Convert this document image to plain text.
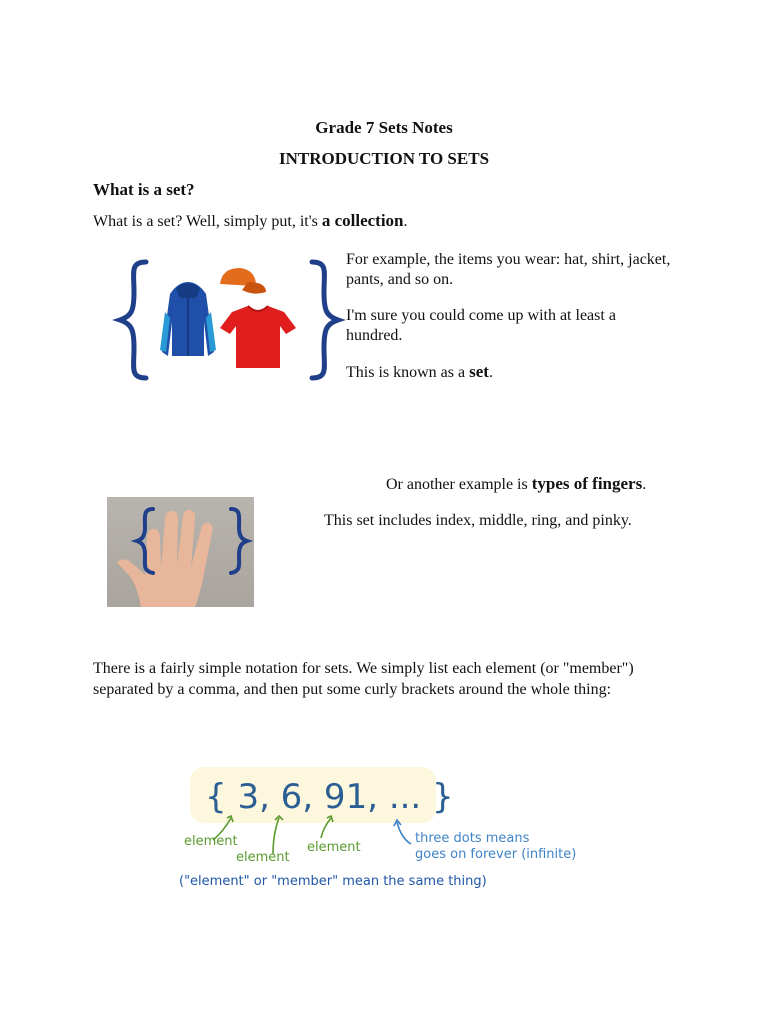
Grade 7 Sets Notes
INTRODUCTION TO SETS
What is a set?
What is a set? Well, simply put, it's a collection.
For example, the items you wear: hat, shirt, jacket, pants, and so on.
I'm sure you could come up with at least a hundred.
This is known as a set.
Or another example is types of fingers.
This set includes index, middle, ring, and pinky.
There is a fairly simple notation for sets. We simply list each element (or "member") separated by a comma, and then put some curly brackets around the whole thing:
{ 3, 6, 91, ... }
element
element
element
three dots means
goes on forever (infinite)
("element" or "member" mean the same thing)
